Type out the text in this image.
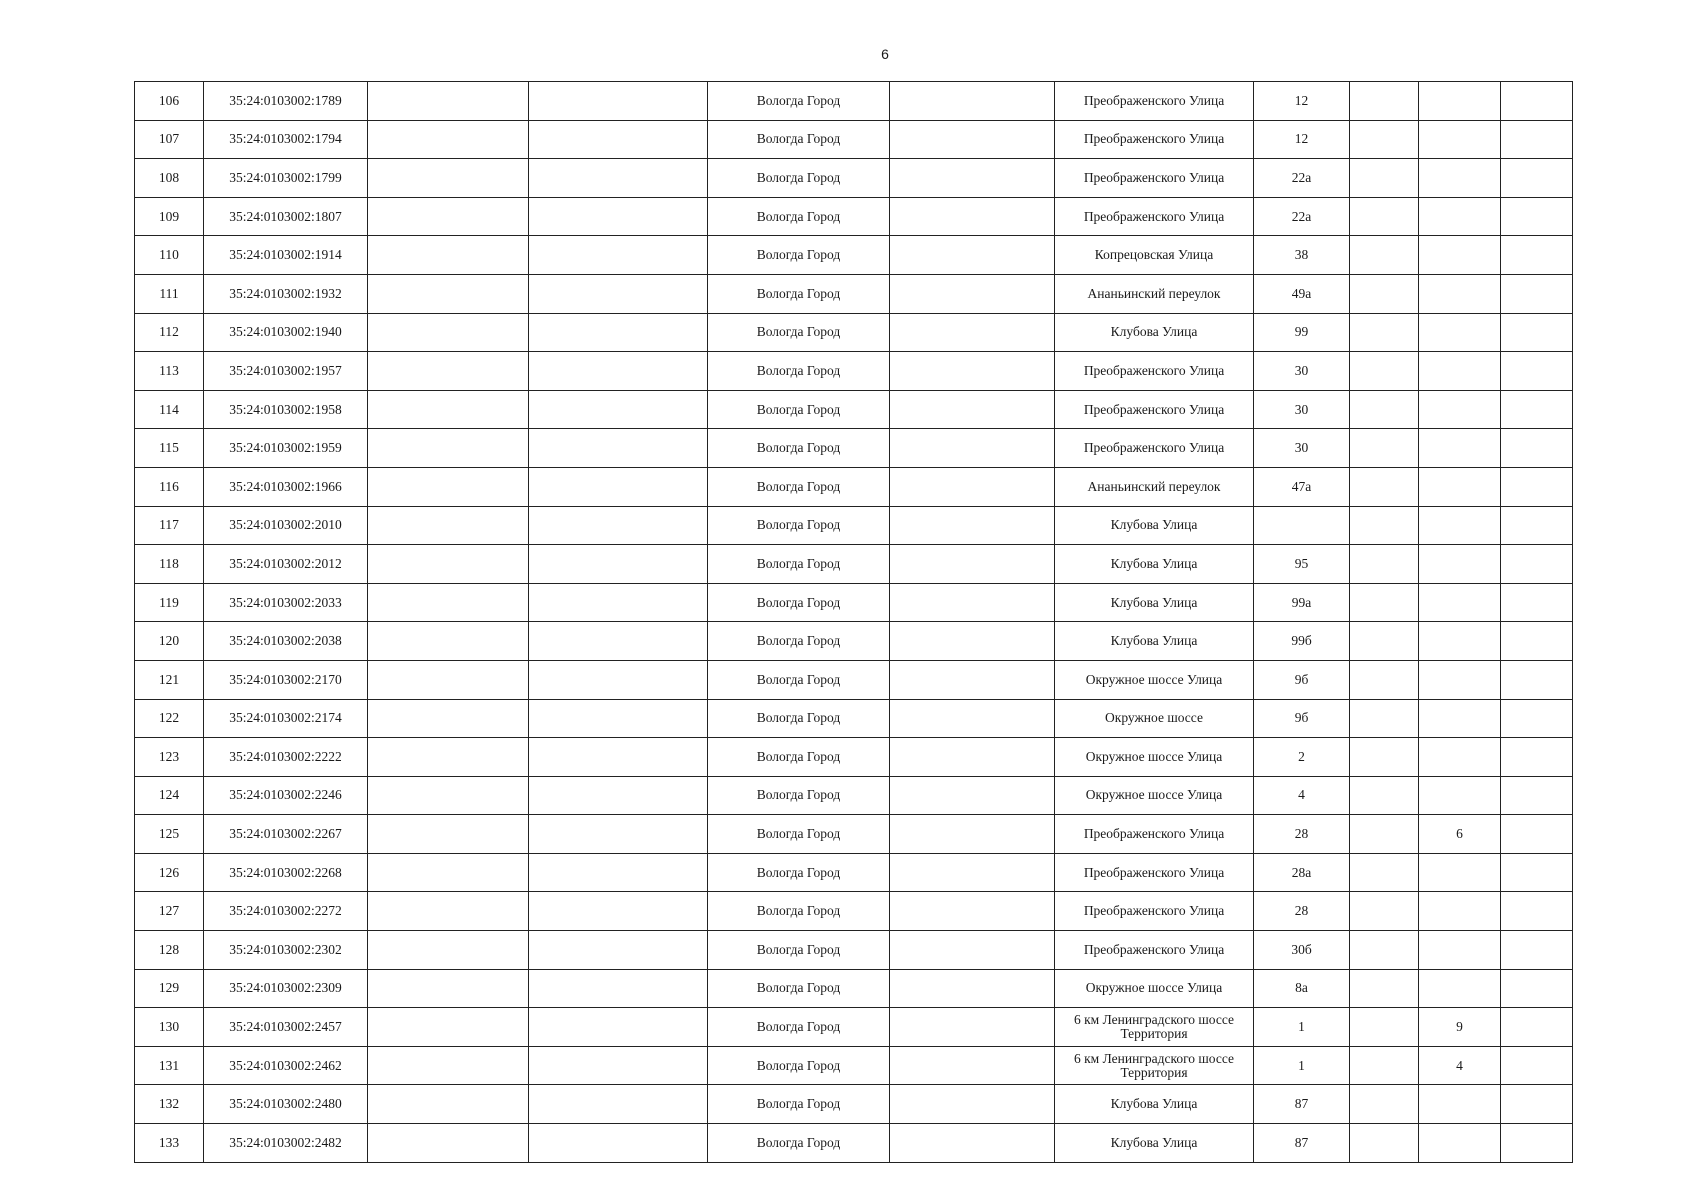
6
106	35:24:0103002:1789			Вологда Город		Преображенского Улица	12			
107	35:24:0103002:1794			Вологда Город		Преображенского Улица	12			
108	35:24:0103002:1799			Вологда Город		Преображенского Улица	22а			
109	35:24:0103002:1807			Вологда Город		Преображенского Улица	22а			
110	35:24:0103002:1914			Вологда Город		Копрецовская Улица	38			
111	35:24:0103002:1932			Вологда Город		Ананьинский переулок	49а			
112	35:24:0103002:1940			Вологда Город		Клубова Улица	99			
113	35:24:0103002:1957			Вологда Город		Преображенского Улица	30			
114	35:24:0103002:1958			Вологда Город		Преображенского Улица	30			
115	35:24:0103002:1959			Вологда Город		Преображенского Улица	30			
116	35:24:0103002:1966			Вологда Город		Ананьинский переулок	47а			
117	35:24:0103002:2010			Вологда Город		Клубова Улица				
118	35:24:0103002:2012			Вологда Город		Клубова Улица	95			
119	35:24:0103002:2033			Вологда Город		Клубова Улица	99а			
120	35:24:0103002:2038			Вологда Город		Клубова Улица	99б			
121	35:24:0103002:2170			Вологда Город		Окружное шоссе Улица	9б			
122	35:24:0103002:2174			Вологда Город		Окружное шоссе	9б			
123	35:24:0103002:2222			Вологда Город		Окружное шоссе Улица	2			
124	35:24:0103002:2246			Вологда Город		Окружное шоссе Улица	4			
125	35:24:0103002:2267			Вологда Город		Преображенского Улица	28		6	
126	35:24:0103002:2268			Вологда Город		Преображенского Улица	28а			
127	35:24:0103002:2272			Вологда Город		Преображенского Улица	28			
128	35:24:0103002:2302			Вологда Город		Преображенского Улица	30б			
129	35:24:0103002:2309			Вологда Город		Окружное шоссе Улица	8а			
130	35:24:0103002:2457			Вологда Город		6 км Ленинградского шоссе Территория	1		9	
131	35:24:0103002:2462			Вологда Город		6 км Ленинградского шоссе Территория	1		4	
132	35:24:0103002:2480			Вологда Город		Клубова Улица	87			
133	35:24:0103002:2482			Вологда Город		Клубова Улица	87			
